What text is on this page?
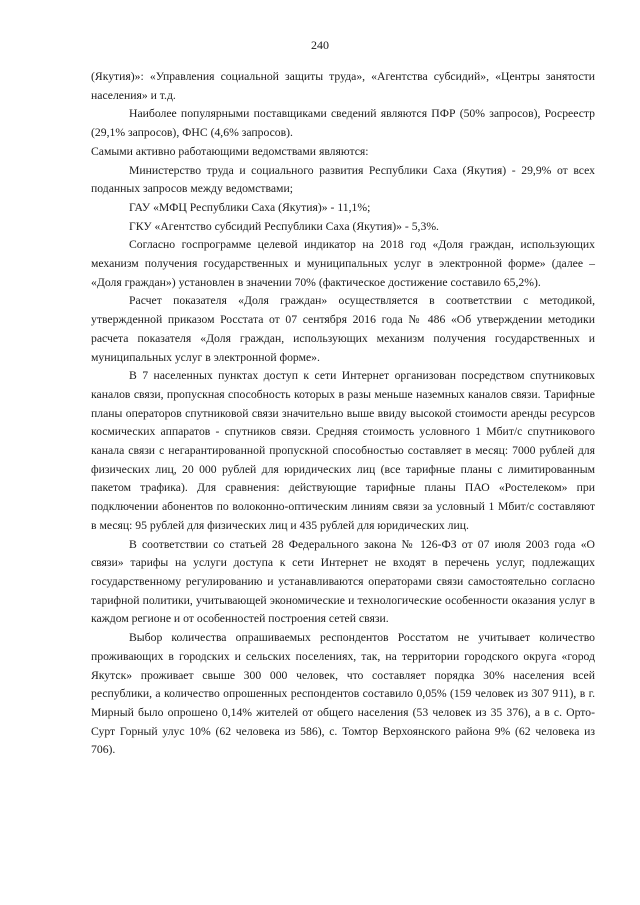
240

(Якутия)»: «Управления социальной защиты труда», «Агентства субсидий», «Центры занятости населения» и т.д.

Наиболее популярными поставщиками сведений являются ПФР (50% запросов), Росреестр (29,1% запросов), ФНС (4,6% запросов).

Самыми активно работающими ведомствами являются:

Министерство труда и социального развития Республики Саха (Якутия) - 29,9% от всех поданных запросов между ведомствами;

ГАУ «МФЦ Республики Саха (Якутия)» - 11,1%;

ГКУ «Агентство субсидий Республики Саха (Якутия)» - 5,3%.

Согласно госпрограмме целевой индикатор на 2018 год «Доля граждан, использующих механизм получения государственных и муниципальных услуг в электронной форме» (далее – «Доля граждан») установлен в значении 70% (фактическое достижение составило 65,2%).

Расчет показателя «Доля граждан» осуществляется в соответствии с методикой, утвержденной приказом Росстата от 07 сентября 2016 года № 486 «Об утверждении методики расчета показателя «Доля граждан, использующих механизм получения государственных и муниципальных услуг в электронной форме».

В 7 населенных пунктах доступ к сети Интернет организован посредством спутниковых каналов связи, пропускная способность которых в разы меньше наземных каналов связи. Тарифные планы операторов спутниковой связи значительно выше ввиду высокой стоимости аренды ресурсов космических аппаратов - спутников связи. Средняя стоимость условного 1 Мбит/с спутникового канала связи с негарантированной пропускной способностью составляет в месяц: 7000 рублей для физических лиц, 20 000 рублей для юридических лиц (все тарифные планы с лимитированным пакетом трафика). Для сравнения: действующие тарифные планы ПАО «Ростелеком» при подключении абонентов по волоконно-оптическим линиям связи за условный 1 Мбит/с составляют в месяц: 95 рублей для физических лиц и 435 рублей для юридических лиц.

В соответствии со статьей 28 Федерального закона № 126-ФЗ от 07 июля 2003 года «О связи» тарифы на услуги доступа к сети Интернет не входят в перечень услуг, подлежащих государственному регулированию и устанавливаются операторами связи самостоятельно согласно тарифной политики, учитывающей экономические и технологические особенности оказания услуг в каждом регионе и от особенностей построения сетей связи.

Выбор количества опрашиваемых респондентов Росстатом не учитывает количество проживающих в городских и сельских поселениях, так, на территории городского округа «город Якутск» проживает свыше 300 000 человек, что составляет порядка 30% населения всей республики, а количество опрошенных респондентов составило 0,05% (159 человек из 307 911), в г. Мирный было опрошено 0,14% жителей от общего населения (53 человек из 35 376), а в с. Орто-Сурт Горный улус 10% (62 человека из 586), с. Томтор Верхоянского района 9% (62 человека из 706).
